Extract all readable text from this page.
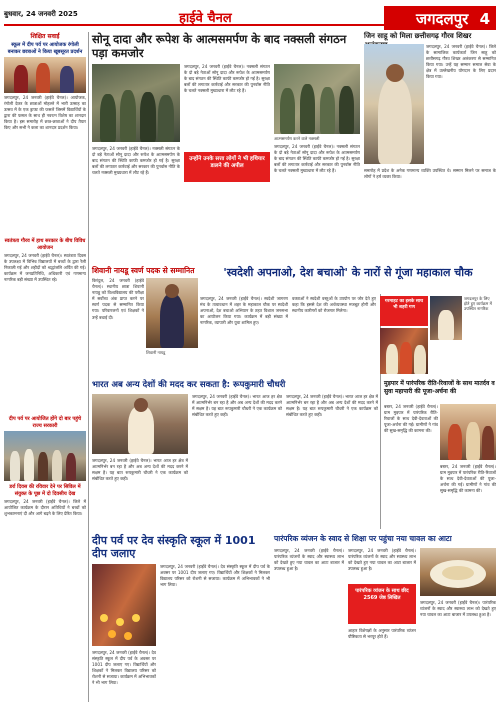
बुधवार, 24 जनवरी 2025	हाईवे चैनल	जगदलपुर 4
शिक्षित सवाईं
स्कूल में दीप पर्व पर आयोजक रंगोली बनाकर छात्राओं ने किया खूबसूरत प्रदर्शन
जगदलपुर, 24 जनवरी (हाईवे चैनल)। आयोजक, रंगोली देकर के छात्राओं मोहल्ले में भारी उत्साह का उत्सव में के एक ड्राफ्ट की फसलें जिसमें विद्यार्थियों के द्वारा की फसल के साथ ही नवरत्न विशेष का शानदार किया है। इस समारोह में छात्र-छात्राओं ने दीप तैयार किए और सभी ने कला का शानदार प्रदर्शन किया।
स्वतंत्रता गौरव में हाथ सरकार के बीच विविध आयोजन
जगदलपुर, 24 जनवरी (हाईवे चैनल)। स्वतंत्रता दिवस के उपलक्ष्य में विभिन्न विद्यालयों में बच्चों के द्वारा रैली निकाली गई और शहीदों को श्रद्धांजलि अर्पित की गई। कार्यक्रम में जनप्रतिनिधि, अधिकारी एवं गणमान्य नागरिक बड़ी संख्या में उपस्थित रहे।
दीप पर्व पर आयोजित होंगे दो बार पहुंचे राज्य सरकारी
डर्रा दिवस की रविवार देने पर सिविल में संयुक्त के पूछ में दो दिवसीय देख
जगदलपुर, 24 जनवरी (हाईवे चैनल)। जिले में आयोजित कार्यक्रम के दौरान अतिथियों ने बच्चों को शुभकामनाएं दी और आगे बढ़ने के लिए प्रेरित किया।
सोनू दादा और रूपेश के आत्मसमर्पण के बाद नक्सली संगठन पड़ा कमजोर
जगदलपुर, 24 जनवरी (हाईवे चैनल)। नक्सली संगठन के दो बड़े नेताओं सोनू दादा और रूपेश के आत्मसमर्पण के बाद संगठन की स्थिति काफी कमजोर हो गई है। सुरक्षा बलों की लगातार कार्रवाई और सरकार की पुनर्वास नीति के चलते नक्सली मुख्यधारा में लौट रहे हैं।
उन्होंने उनके सत्ता लोगों ने भी हथियार डालने की अपील
आत्मसमर्पण करने वाले नक्सली
जगदलपुर, 24 जनवरी (हाईवे चैनल)। नक्सली संगठन के दो बड़े नेताओं सोनू दादा और रूपेश के आत्मसमर्पण के बाद संगठन की स्थिति काफी कमजोर हो गई है। सुरक्षा बलों की लगातार कार्रवाई और सरकार की पुनर्वास नीति के चलते नक्सली मुख्यधारा में लौट रहे हैं।
जगदलपुर, 24 जनवरी (हाईवे चैनल)। नक्सली संगठन के दो बड़े नेताओं सोनू दादा और रूपेश के आत्मसमर्पण के बाद संगठन की स्थिति काफी कमजोर हो गई है। सुरक्षा बलों की लगातार कार्रवाई और सरकार की पुनर्वास नीति के चलते नक्सली मुख्यधारा में लौट रहे हैं।
जिन साहू को मिला छत्तीसगढ़ गौरव शिखर
जगदलपुर, 24 जनवरी (हाईवे चैनल)। जिले के सामाजिक कार्यकर्ता जिन साहू को छत्तीसगढ़ गौरव शिखर अलंकरण से सम्मानित किया गया। उन्हें यह सम्मान समाज सेवा के क्षेत्र में उल्लेखनीय योगदान के लिए प्रदान किया गया।
समारोह में प्रदेश के अनेक गणमान्य व्यक्ति उपस्थित थे। सम्मान मिलने पर समाज के लोगों ने हर्ष व्यक्त किया।
शिवानी नायडू स्वर्ण पदक से सम्मानित
किरंदुल, 24 जनवरी (हाईवे चैनल)। स्थानीय छात्रा शिवानी नायडू को विश्वविद्यालय की परीक्षा में सर्वोच्च अंक प्राप्त करने पर स्वर्ण पदक से सम्मानित किया गया। परिवारजनों एवं शिक्षकों ने उन्हें बधाई दी।
शिवानी नायडू
'स्वदेशी अपनाओ, देश बचाओ' के नारों से गूंजा महाकाल चौक
जगदलपुर, 24 जनवरी (हाईवे चैनल)। स्वदेशी जागरण मंच के तत्वावधान में शहर के महाकाल चौक पर स्वदेशी अपनाओ, देश बचाओ अभियान के तहत विशाल जनसभा का आयोजन किया गया। कार्यक्रम में बड़ी संख्या में नागरिक, व्यापारी और युवा शामिल हुए।
वक्ताओं ने स्वदेशी वस्तुओं के उपयोग पर जोर देते हुए कहा कि इससे देश की अर्थव्यवस्था मजबूत होगी और स्थानीय कारीगरों को रोजगार मिलेगा।
गरमाहट का इसके साथ भी शहरी गण
जगदलपुर के लिए होते हुए कार्यक्रम में उपस्थित नागरिक
भारत अब अन्य देशों की मदद कर सकता है: रूपकुमारी चौधरी
जगदलपुर, 24 जनवरी (हाईवे चैनल)। भारत आज हर क्षेत्र में आत्मनिर्भर बन रहा है और अब अन्य देशों की मदद करने में सक्षम है। यह बात रूपकुमारी चौधरी ने एक कार्यक्रम को संबोधित करते हुए कही।
जगदलपुर, 24 जनवरी (हाईवे चैनल)। भारत आज हर क्षेत्र में आत्मनिर्भर बन रहा है और अब अन्य देशों की मदद करने में सक्षम है। यह बात रूपकुमारी चौधरी ने एक कार्यक्रम को संबोधित करते हुए कही।
जगदलपुर, 24 जनवरी (हाईवे चैनल)। भारत आज हर क्षेत्र में आत्मनिर्भर बन रहा है और अब अन्य देशों की मदद करने में सक्षम है। यह बात रूपकुमारी चौधरी ने एक कार्यक्रम को संबोधित करते हुए कही।
मुड़पार में पारंपरिक रीति-रिवाजों के साथ मातर्दव व सुवा महापारी की पूजा-अर्चना की
बस्तर, 24 जनवरी (हाईवे चैनल)। ग्राम मुड़पार में पारंपरिक रीति-रिवाजों के साथ देवी-देवताओं की पूजा-अर्चना की गई। ग्रामीणों ने गांव की सुख-समृद्धि की कामना की।
बस्तर, 24 जनवरी (हाईवे चैनल)। ग्राम मुड़पार में पारंपरिक रीति-रिवाजों के साथ देवी-देवताओं की पूजा-अर्चना की गई। ग्रामीणों ने गांव की सुख-समृद्धि की कामना की।
दीप पर्व पर देव संस्कृति स्कूल में 1001 दीप जलाए
जगदलपुर, 24 जनवरी (हाईवे चैनल)। देव संस्कृति स्कूल में दीप पर्व के अवसर पर 1001 दीप जलाए गए। विद्यार्थियों और शिक्षकों ने मिलकर विद्यालय परिसर को रोशनी से सजाया। कार्यक्रम में अभिभावकों ने भी भाग लिया।
जगदलपुर, 24 जनवरी (हाईवे चैनल)। देव संस्कृति स्कूल में दीप पर्व के अवसर पर 1001 दीप जलाए गए। विद्यार्थियों और शिक्षकों ने मिलकर विद्यालय परिसर को रोशनी से सजाया। कार्यक्रम में अभिभावकों ने भी भाग लिया।
पारंपरिक व्यंजन के स्वाद से शिक्षा पर पहुंचा नया चावल का आटा
जगदलपुर, 24 जनवरी (हाईवे चैनल)। पारंपरिक व्यंजनों के स्वाद और स्वास्थ्य लाभ को देखते हुए नया चावल का आटा बाजार में उपलब्ध हुआ है।
पारंपरिक व्यंजन के साथ छीद 2569 जेष्ठ लिखित
आहार विशेषज्ञों के अनुसार पारंपरिक व्यंजन पौष्टिकता से भरपूर होते हैं।
जगदलपुर, 24 जनवरी (हाईवे चैनल)। पारंपरिक व्यंजनों के स्वाद और स्वास्थ्य लाभ को देखते हुए नया चावल का आटा बाजार में उपलब्ध हुआ है।
जगदलपुर, 24 जनवरी (हाईवे चैनल)। पारंपरिक व्यंजनों के स्वाद और स्वास्थ्य लाभ को देखते हुए नया चावल का आटा बाजार में उपलब्ध हुआ है।
